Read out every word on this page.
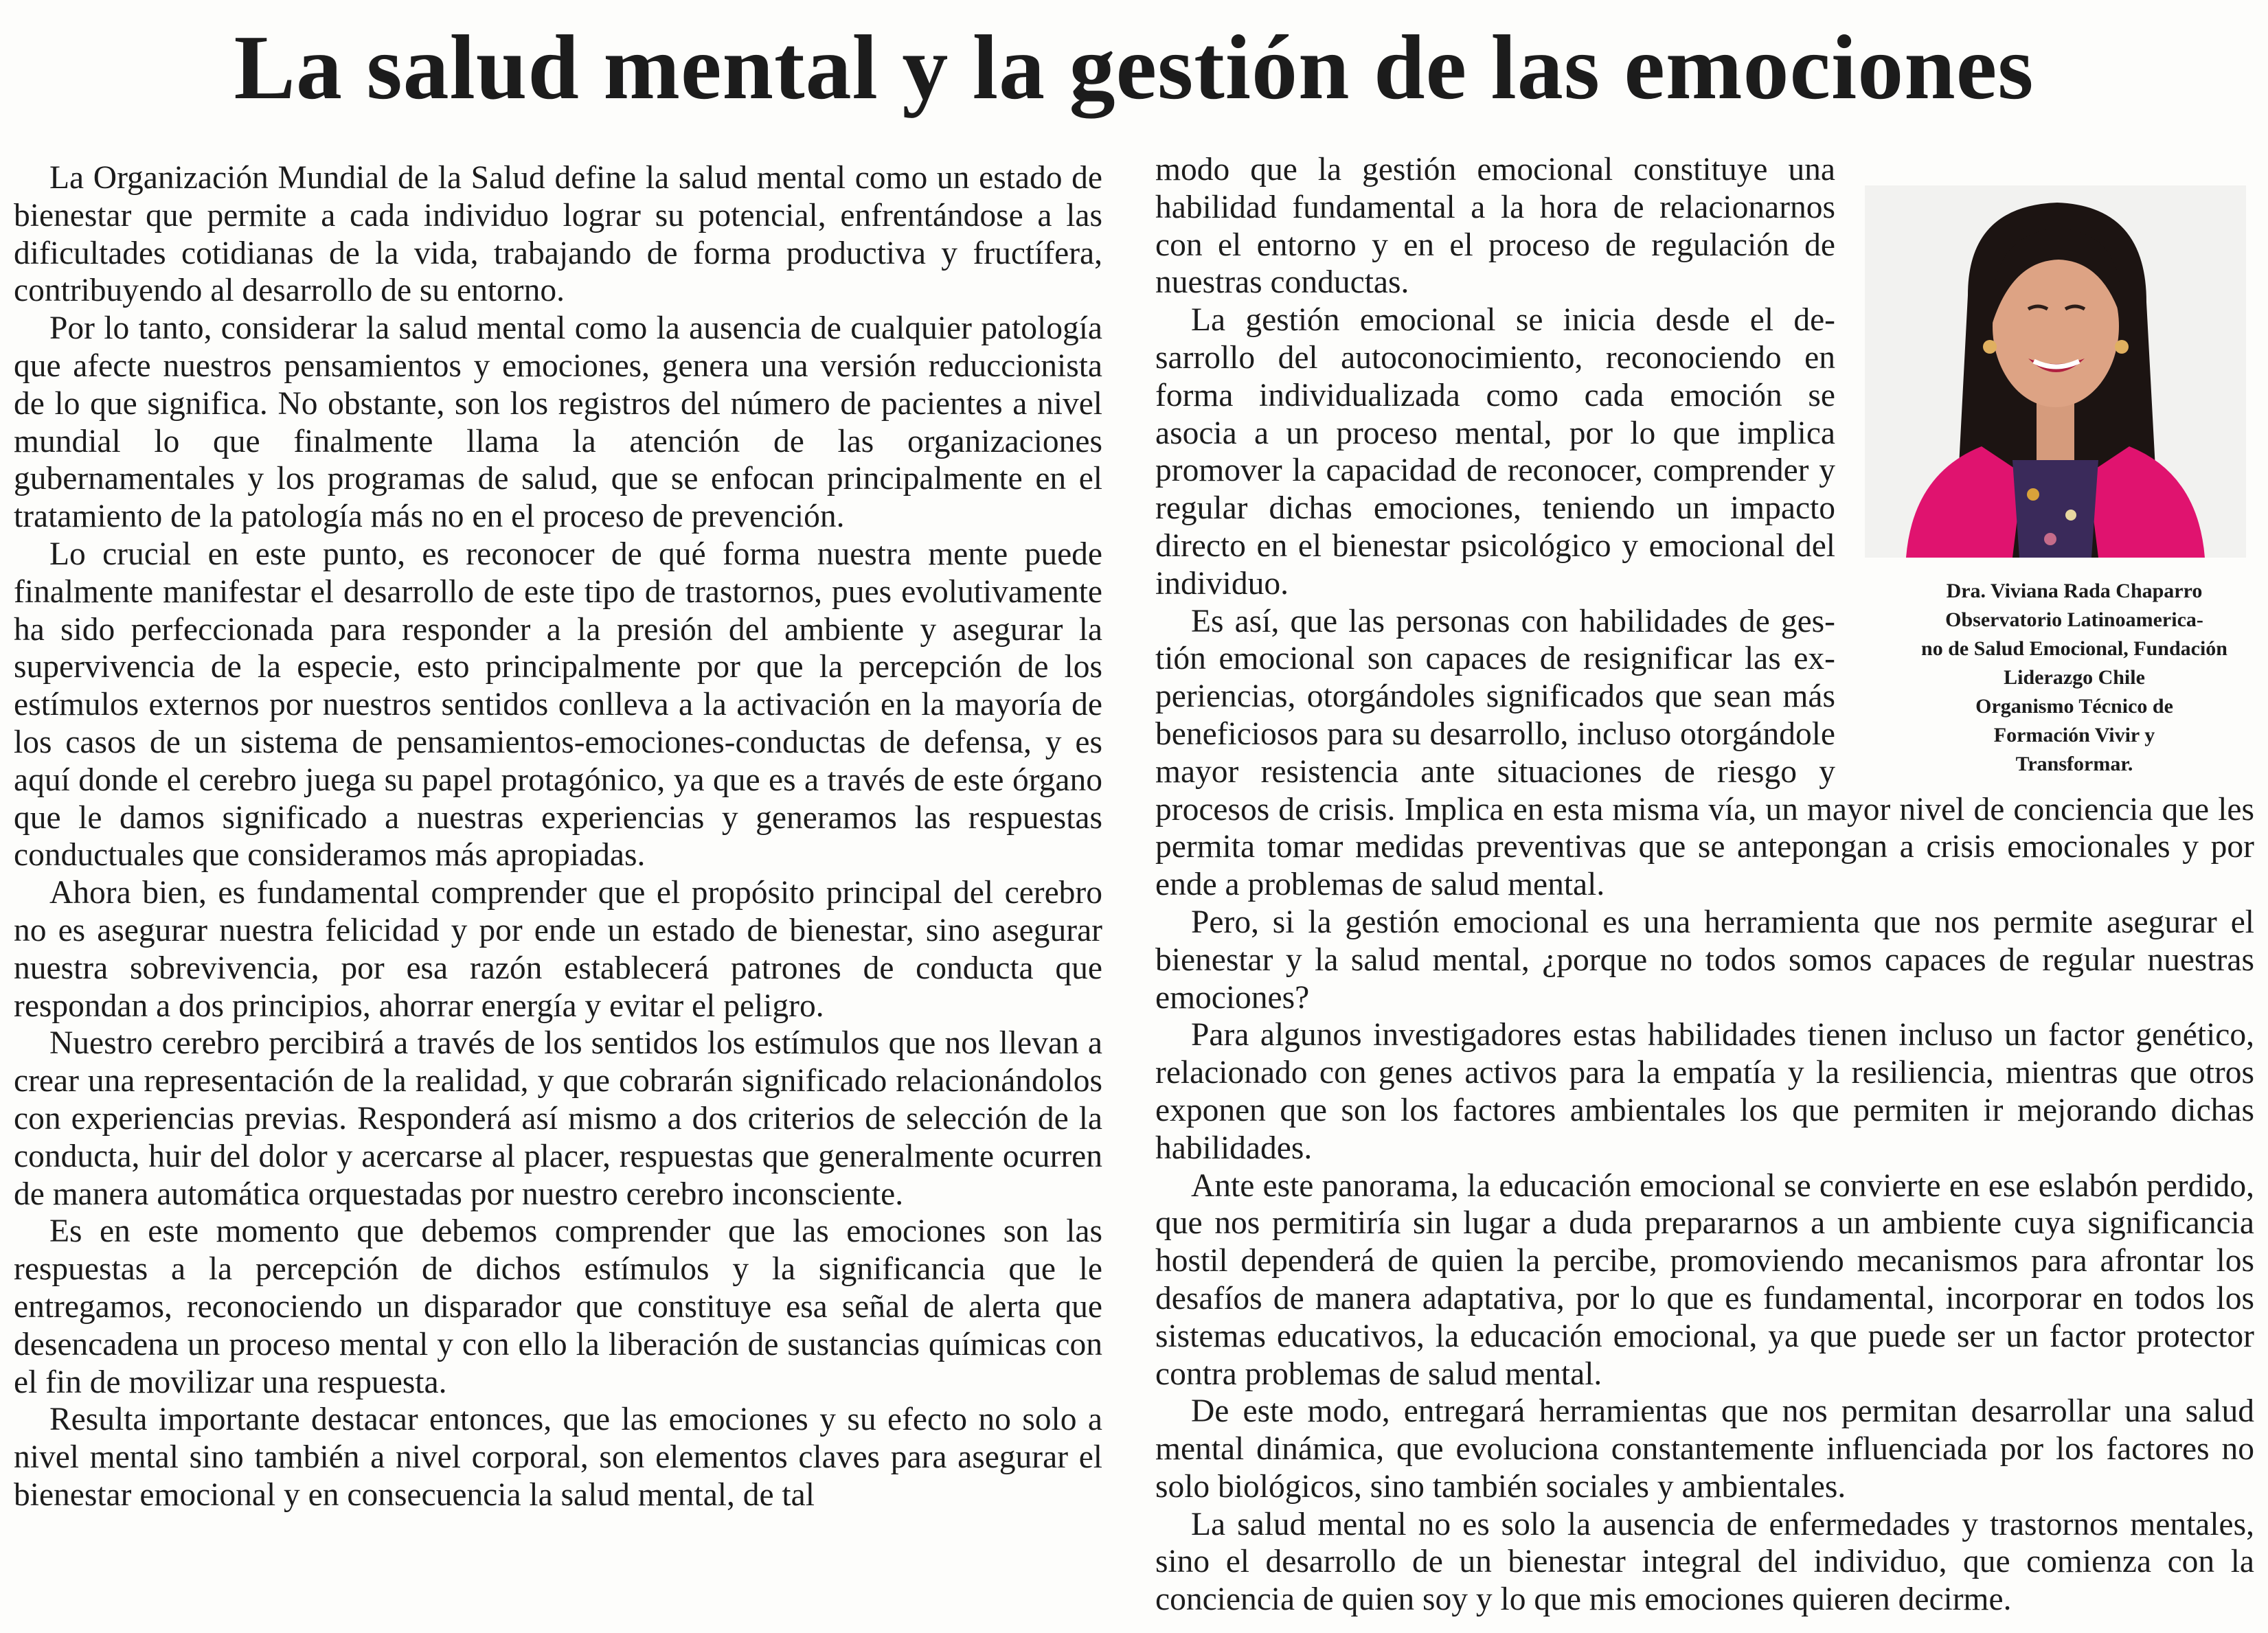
La salud mental y la gestión de las emociones

La Organización Mundial de la Salud define la salud mental como un estado de bienestar que permite a cada individuo lograr su potencial, enfrentándose a las dificultades cotidianas de la vida, trabajando de forma productiva y fructífera, contribuyendo al desarrollo de su entorno.

Por lo tanto, considerar la salud mental como la ausencia de cualquier patología que afecte nuestros pensamientos y emociones, genera una versión reduccionista de lo que significa. No obstante, son los registros del número de pacientes a nivel mundial lo que finalmente llama la atención de las organizaciones gubernamentales y los programas de salud, que se enfocan principalmente en el tratamiento de la patología más no en el proceso de prevención.

Lo crucial en este punto, es reconocer de qué forma nuestra mente puede finalmente manifestar el desarrollo de este tipo de trastornos, pues evolutivamente ha sido perfeccionada para responder a la presión del ambiente y asegurar la supervivencia de la especie, esto principalmente por que la percepción de los estímulos externos por nuestros sentidos conlleva a la activación en la mayoría de los casos de un sistema de pensamientos-emociones-conductas de defensa, y es aquí donde el cerebro juega su papel protagónico, ya que es a través de este órgano que le damos significado a nuestras experiencias y generamos las respuestas conductuales que consideramos más apropiadas.

Ahora bien, es fundamental comprender que el propósito principal del cerebro no es asegurar nuestra felicidad y por ende un estado de bienestar, sino asegurar nuestra sobrevivencia, por esa razón establecerá patrones de conducta que respondan a dos principios, ahorrar energía y evitar el peligro.

Nuestro cerebro percibirá a través de los sentidos los estímulos que nos llevan a crear una representación de la realidad, y que cobrarán significado relacionándolos con experiencias previas. Responderá así mismo a dos criterios de selección de la conducta, huir del dolor y acercarse al placer, respuestas que generalmente ocurren de manera automática orquestadas por nuestro cerebro inconsciente.

Es en este momento que debemos comprender que las emociones son las respuestas a la percepción de dichos estímulos y la significancia que le entregamos, reconociendo un disparador que constituye esa señal de alerta que desencadena un proceso mental y con ello la liberación de sustancias químicas con el fin de movilizar una respuesta.

Resulta importante destacar entonces, que las emociones y su efecto no solo a nivel mental sino también a nivel corporal, son elementos claves para asegurar el bienestar emocional y en consecuencia la salud mental, de tal

modo que la gestión emocional constituye una habilidad fundamental a la hora de relacionarnos con el entorno y en el proceso de regulación de nuestras conductas.

La gestión emocional se inicia desde el desarrollo del autoconocimiento, reconociendo en forma individualizada como cada emoción se asocia a un proceso mental, por lo que implica promover la capacidad de reconocer, comprender y regular dichas emociones, teniendo un impacto directo en el bienestar psicológico y emocional del individuo.

Es así, que las personas con habilidades de gestión emocional son capaces de resignificar las experiencias, otorgándoles significados que sean más beneficiosos para su desarrollo, incluso otorgándole mayor resistencia ante situaciones de riesgo y procesos de crisis. Implica en esta misma vía, un mayor nivel de conciencia que les permita tomar medidas preventivas que se antepongan a crisis emocionales y por ende a problemas de salud mental.

Pero, si la gestión emocional es una herramienta que nos permite asegurar el bienestar y la salud mental, ¿porque no todos somos capaces de regular nuestras emociones?

Para algunos investigadores estas habilidades tienen incluso un factor genético, relacionado con genes activos para la empatía y la resiliencia, mientras que otros exponen que son los factores ambientales los que permiten ir mejorando dichas habilidades.

Ante este panorama, la educación emocional se convierte en ese eslabón perdido, que nos permitiría sin lugar a duda prepararnos a un ambiente cuya significancia hostil dependerá de quien la percibe, promoviendo mecanismos para afrontar los desafíos de manera adaptativa, por lo que es fundamental, incorporar en todos los sistemas educativos, la educación emocional, ya que puede ser un factor protector contra problemas de salud mental.

De este modo, entregará herramientas que nos permitan desarrollar una salud mental dinámica, que evoluciona constantemente influenciada por los factores no solo biológicos, sino también sociales y ambientales.

La salud mental no es solo la ausencia de enfermedades y trastornos mentales, sino el desarrollo de un bienestar integral del individuo, que comienza con la conciencia de quien soy y lo que mis emociones quieren decirme.

Dra. Viviana Rada Chaparro
Observatorio Latinoamerica-
no de Salud Emocional, Fundación
Liderazgo Chile
Organismo Técnico de
Formación Vivir y
Transformar.
